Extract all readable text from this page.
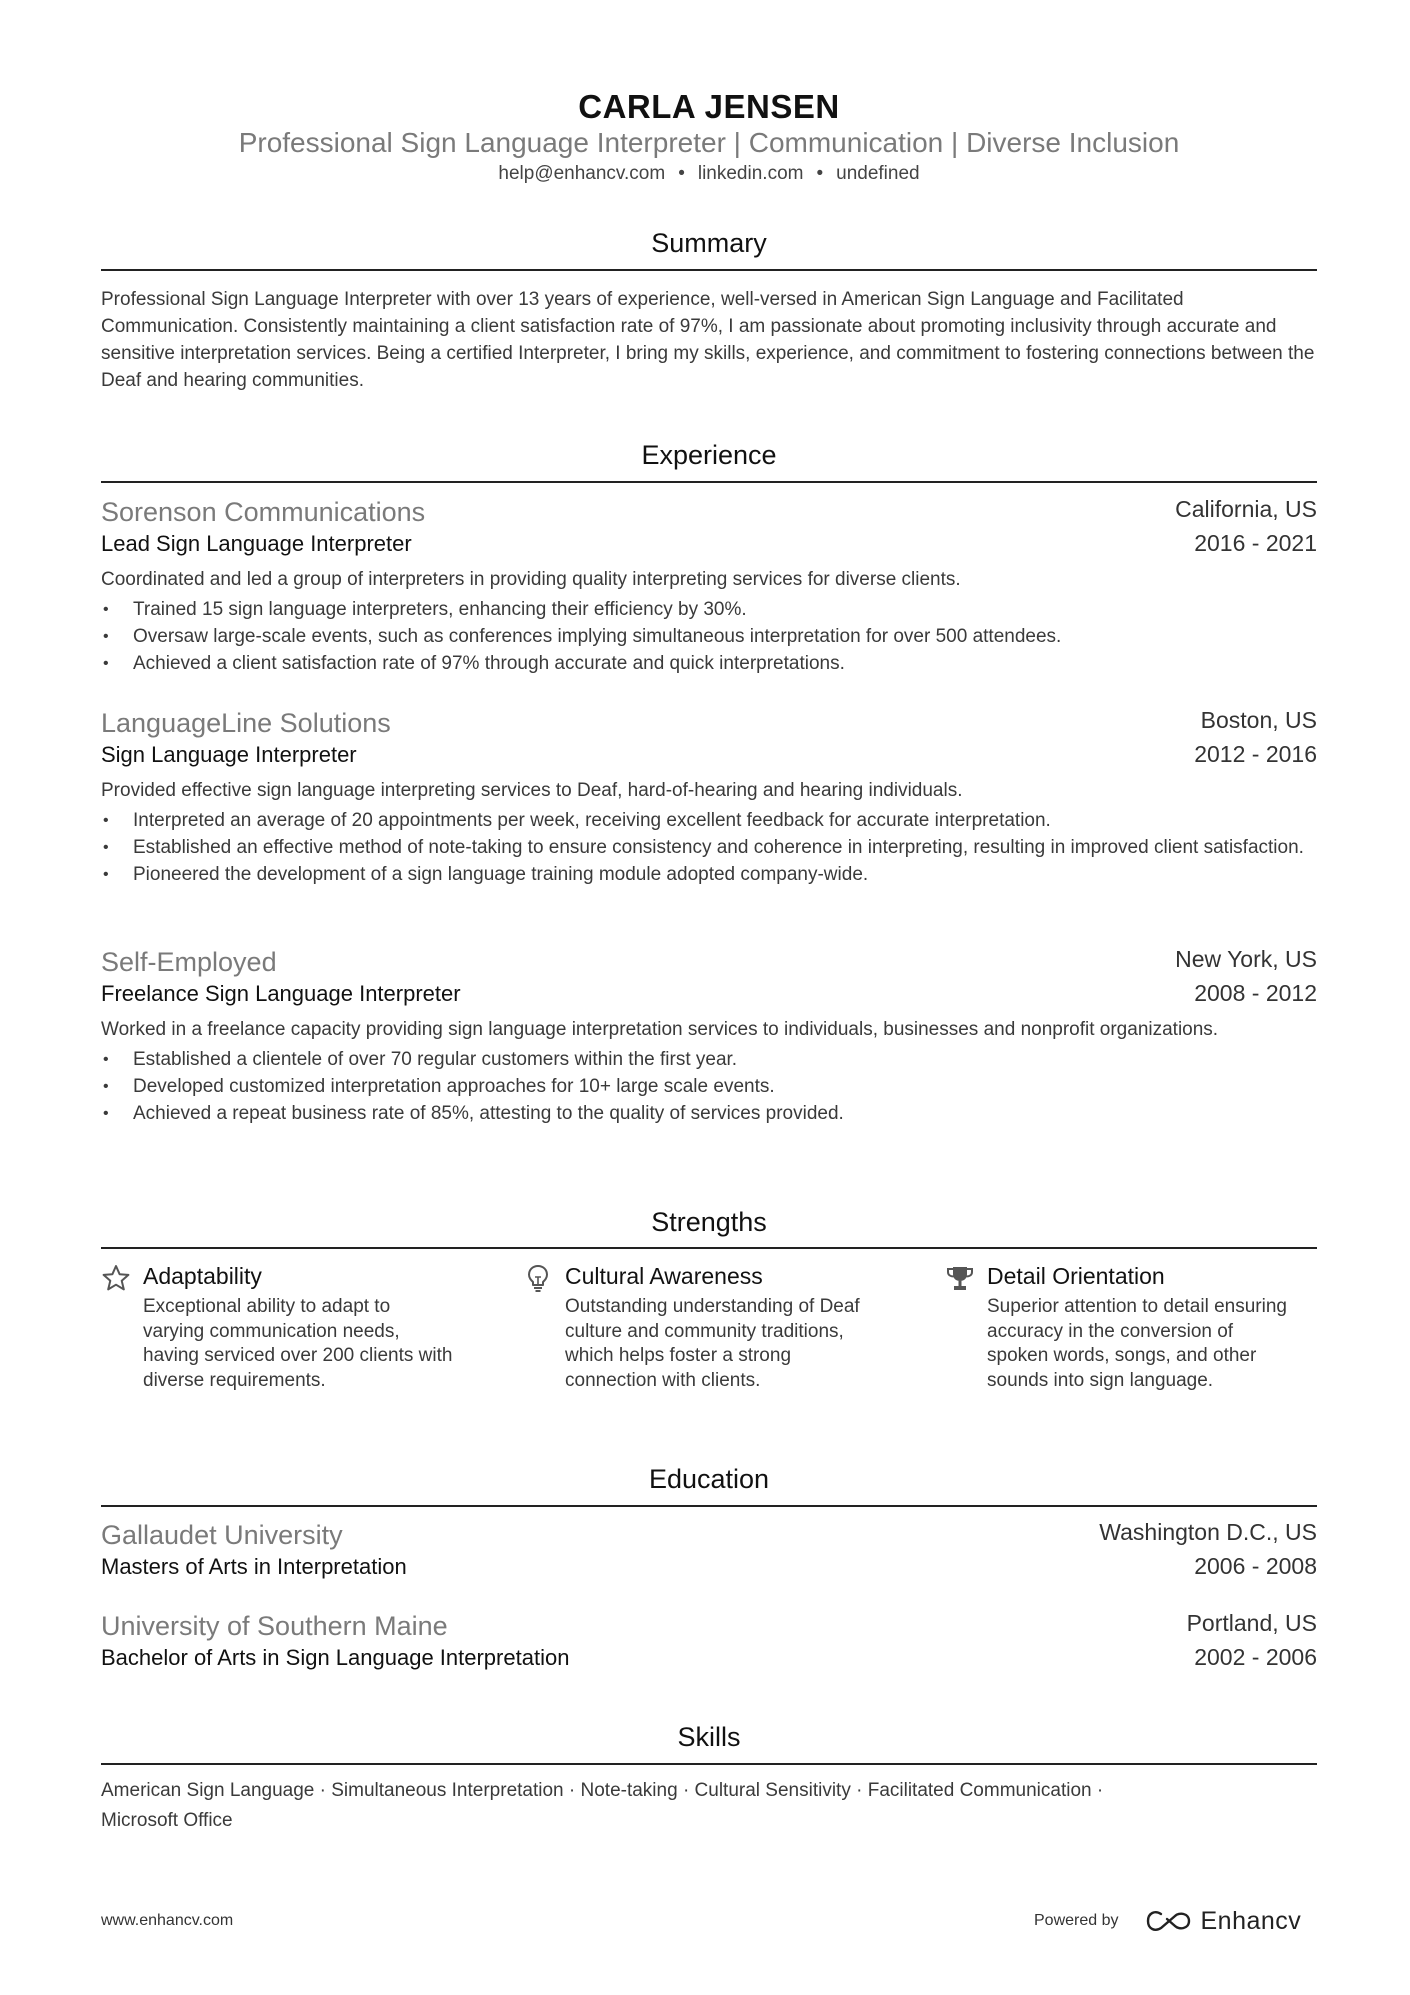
CARLA JENSEN
Professional Sign Language Interpreter | Communication | Diverse Inclusion
help@enhancv.com • linkedin.com • undefined
Summary
Professional Sign Language Interpreter with over 13 years of experience, well-versed in American Sign Language and Facilitated Communication. Consistently maintaining a client satisfaction rate of 97%, I am passionate about promoting inclusivity through accurate and sensitive interpretation services. Being a certified Interpreter, I bring my skills, experience, and commitment to fostering connections between the Deaf and hearing communities.
Experience
Sorenson Communications	California, US
Lead Sign Language Interpreter	2016 - 2021
Coordinated and led a group of interpreters in providing quality interpreting services for diverse clients.
• Trained 15 sign language interpreters, enhancing their efficiency by 30%.
• Oversaw large-scale events, such as conferences implying simultaneous interpretation for over 500 attendees.
• Achieved a client satisfaction rate of 97% through accurate and quick interpretations.
LanguageLine Solutions	Boston, US
Sign Language Interpreter	2012 - 2016
Provided effective sign language interpreting services to Deaf, hard-of-hearing and hearing individuals.
• Interpreted an average of 20 appointments per week, receiving excellent feedback for accurate interpretation.
• Established an effective method of note-taking to ensure consistency and coherence in interpreting, resulting in improved client satisfaction.
• Pioneered the development of a sign language training module adopted company-wide.
Self-Employed	New York, US
Freelance Sign Language Interpreter	2008 - 2012
Worked in a freelance capacity providing sign language interpretation services to individuals, businesses and nonprofit organizations.
• Established a clientele of over 70 regular customers within the first year.
• Developed customized interpretation approaches for 10+ large scale events.
• Achieved a repeat business rate of 85%, attesting to the quality of services provided.
Strengths
Adaptability
Exceptional ability to adapt to varying communication needs, having serviced over 200 clients with diverse requirements.
Cultural Awareness
Outstanding understanding of Deaf culture and community traditions, which helps foster a strong connection with clients.
Detail Orientation
Superior attention to detail ensuring accuracy in the conversion of spoken words, songs, and other sounds into sign language.
Education
Gallaudet University	Washington D.C., US
Masters of Arts in Interpretation	2006 - 2008
University of Southern Maine	Portland, US
Bachelor of Arts in Sign Language Interpretation	2002 - 2006
Skills
American Sign Language · Simultaneous Interpretation · Note-taking · Cultural Sensitivity · Facilitated Communication ·
Microsoft Office
www.enhancv.com	Powered by	Enhancv
